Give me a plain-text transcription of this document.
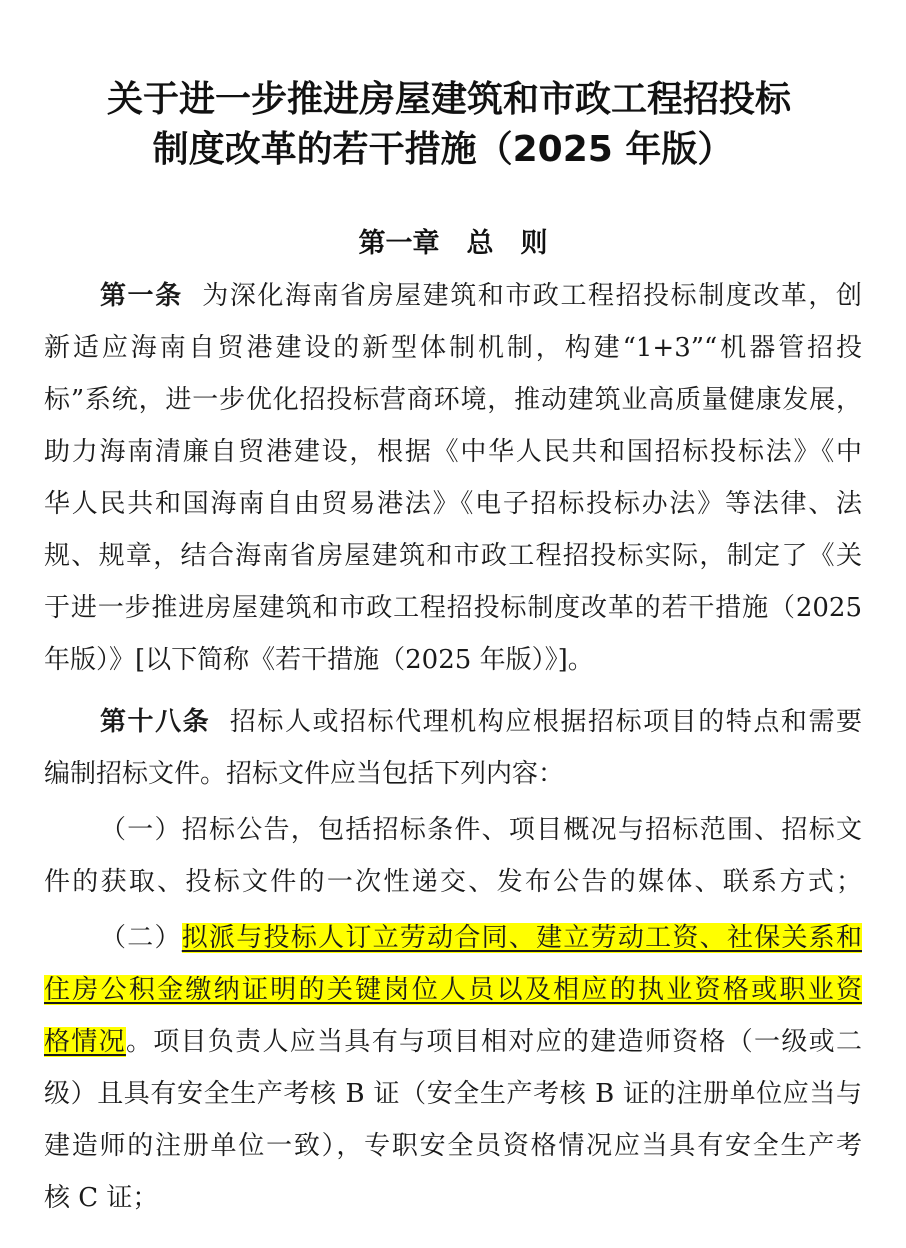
关于进一步推进房屋建筑和市政工程招投标
制度改革的若干措施（2025 年版）
第一章　总　则
第一条 为深化海南省房屋建筑和市政工程招投标制度改革，创
新适应海南自贸港建设的新型体制机制，构建“1+3”“机器管招投
标”系统，进一步优化招投标营商环境，推动建筑业高质量健康发展，
助力海南清廉自贸港建设，根据《中华人民共和国招标投标法》《中
华人民共和国海南自由贸易港法》《电子招标投标办法》等法律、法
规、规章，结合海南省房屋建筑和市政工程招投标实际，制定了《关
于进一步推进房屋建筑和市政工程招投标制度改革的若干措施（2025
年版）》[以下简称《若干措施（2025 年版）》]。
第十八条 招标人或招标代理机构应根据招标项目的特点和需要
编制招标文件。招标文件应当包括下列内容：
（一）招标公告，包括招标条件、项目概况与招标范围、招标文
件的获取、投标文件的一次性递交、发布公告的媒体、联系方式；
（二）拟派与投标人订立劳动合同、建立劳动工资、社保关系和
住房公积金缴纳证明的关键岗位人员以及相应的执业资格或职业资
格情况。项目负责人应当具有与项目相对应的建造师资格（一级或二
级）且具有安全生产考核 B 证（安全生产考核 B 证的注册单位应当与
建造师的注册单位一致），专职安全员资格情况应当具有安全生产考
核 C 证；
